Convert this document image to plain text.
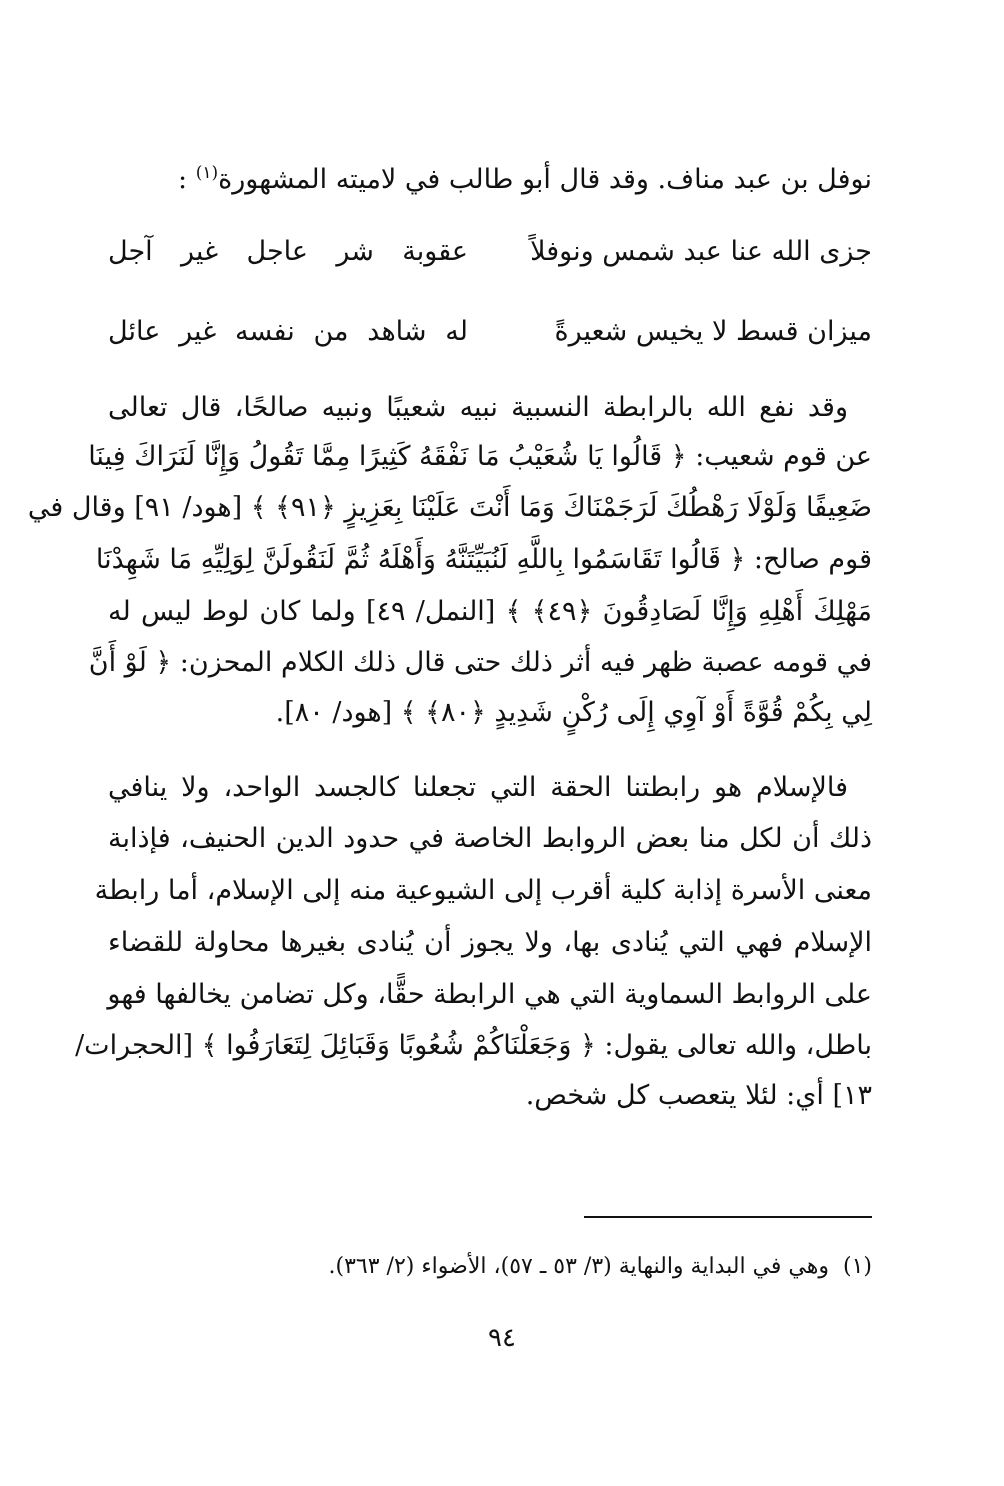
نوفل بن عبد مناف. وقد قال أبو طالب في لاميته المشهورة$^{(١)}$ :
جزى الله عنا عبد شمس ونوفلاً
عقوبة شر عاجل غير آجل
ميزان قسط لا يخيس شعيرةً
له شاهد من نفسه غير عائل
وقد نفع الله بالرابطة النسبية نبيه شعيبًا ونبيه صالحًا، قال تعالى
عن قوم شعيب: ﴿ قَالُوا يَا شُعَيْبُ مَا نَفْقَهُ كَثِيرًا مِمَّا تَقُولُ وَإِنَّا لَنَرَاكَ فِينَا
ضَعِيفًا وَلَوْلَا رَهْطُكَ لَرَجَمْنَاكَ وَمَا أَنْتَ عَلَيْنَا بِعَزِيزٍ ﴿٩١﴾ ﴾ [هود/ ٩١] وقال في
قوم صالح: ﴿ قَالُوا تَقَاسَمُوا بِاللَّهِ لَنُبَيِّتَنَّهُ وَأَهْلَهُ ثُمَّ لَنَقُولَنَّ لِوَلِيِّهِ مَا شَهِدْنَا
مَهْلِكَ أَهْلِهِ وَإِنَّا لَصَادِقُونَ ﴿٤٩﴾ ﴾ [النمل/ ٤٩] ولما كان لوط ليس له
في قومه عصبة ظهر فيه أثر ذلك حتى قال ذلك الكلام المحزن: ﴿ لَوْ أَنَّ
لِي بِكُمْ قُوَّةً أَوْ آوِي إِلَى رُكْنٍ شَدِيدٍ ﴿٨٠﴾ ﴾ [هود/ ٨٠].
فالإسلام هو رابطتنا الحقة التي تجعلنا كالجسد الواحد، ولا ينافي
ذلك أن لكل منا بعض الروابط الخاصة في حدود الدين الحنيف، فإذابة
معنى الأسرة إذابة كلية أقرب إلى الشيوعية منه إلى الإسلام، أما رابطة
الإسلام فهي التي يُنادى بها، ولا يجوز أن يُنادى بغيرها محاولة للقضاء
على الروابط السماوية التي هي الرابطة حقًّا، وكل تضامن يخالفها فهو
باطل، والله تعالى يقول: ﴿ وَجَعَلْنَاكُمْ شُعُوبًا وَقَبَائِلَ لِتَعَارَفُوا ﴾ [الحجرات/
١٣] أي: لئلا يتعصب كل شخص.
(١)  وهي في البداية والنهاية (٣/ ٥٣ ـ ٥٧)، الأضواء (٢/ ٣٦٣).
٩٤
